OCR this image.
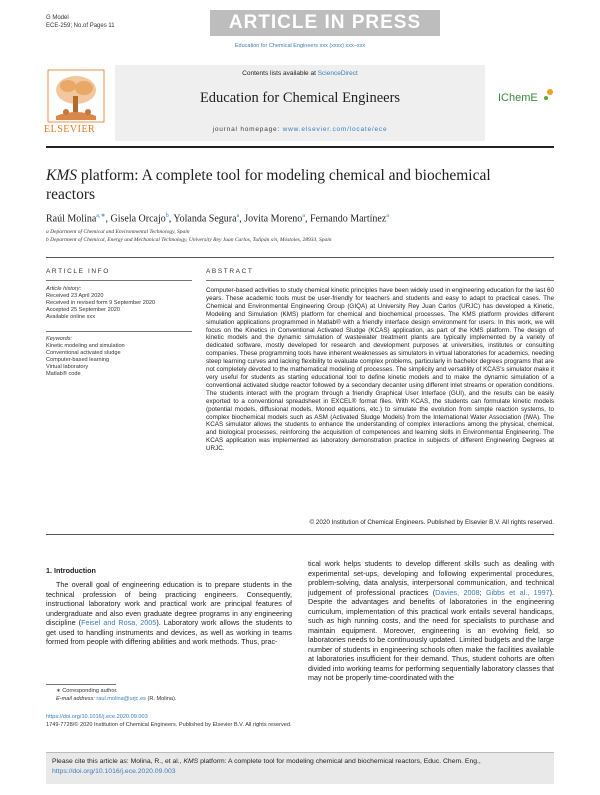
G Model
ECE-259; No.of Pages 11	ARTICLE IN PRESS
Education for Chemical Engineers xxx (xxxx) xxx–xxx
Contents lists available at ScienceDirect
Education for Chemical Engineers
journal homepage: www.elsevier.com/locate/ece
ELSEVIER
IChemE
KMS platform: A complete tool for modeling chemical and biochemical reactors
Raúl Molina$^{a,∗}$, Gisela Orcajo$^b$, Yolanda Segura$^a$, Jovita Moreno$^a$, Fernando Martínez$^a$
a Department of Chemical and Environmental Technology, Spain
b Department of Chemical, Energy and Mechanical Technology, University Rey Juan Carlos, Tulipán s/n, Móstoles, 28933, Spain
ARTICLE INFO
Article history:
Received 23 April 2020
Received in revised form 9 September 2020
Accepted 25 September 2020
Available online xxx
Keywords:
Kinetic modeling and simulation
Conventional activated sludge
Computer-based learning
Virtual laboratory
Matlab® code
ABSTRACT
Computer-based activities to study chemical kinetic principles have been widely used in engineering education for the last 60 years. These academic tools must be user-friendly for teachers and students and easy to adapt to practical cases. The Chemical and Environmental Engineering Group (GIQA) at University Rey Juan Carlos (URJC) has developed a Kinetic, Modeling and Simulation (KMS) platform for chemical and biochemical processes. The KMS platform provides different simulation applications programmed in Matlab® with a friendly interface design environment for users. In this work, we will focus on the Kinetics in Conventional Activated Sludge (KCAS) application, as part of the KMS platform. The design of kinetic models and the dynamic simulation of wastewater treatment plants are typically implemented by a variety of dedicated software, mostly developed for research and development purposes at universities, institutes or consulting companies. These programming tools have inherent weaknesses as simulators in virtual laboratories for academics, needing steep learning curves and lacking flexibility to evaluate complex problems, particularly in bachelor degrees programs that are not completely devoted to the mathematical modeling of processes. The simplicity and versatility of KCAS's simulator make it very useful for students as starting educational tool to define kinetic models and to make the dynamic simulation of a conventional activated sludge reactor followed by a secondary decanter using different inlet streams or operation conditions. The students interact with the program through a friendly Graphical User Interface (GUI), and the results can be easily exported to a conventional spreadsheet in EXCEL® format files. With KCAS, the students can formulate kinetic models (potential models, diffusional models, Monod equations, etc.) to simulate the evolution from simple reaction systems, to complex biochemical models such as ASM (Activated Sludge Models) from the International Water Association (IWA). The KCAS simulator allows the students to enhance the understanding of complex interactions among the physical, chemical, and biological processes, reinforcing the acquisition of competences and learning skills in Environmental Engineering. The KCAS application was implemented as laboratory demonstration practice in subjects of different Engineering Degrees at URJC.
© 2020 Institution of Chemical Engineers. Published by Elsevier B.V. All rights reserved.
1. Introduction
The overall goal of engineering education is to prepare students in the technical profession of being practicing engineers. Consequently, instructional laboratory work and practical work are principal features of undergraduate and also even graduate degree programs in any engineering discipline (Feisel and Rosa, 2005). Laboratory work allows the students to get used to handling instruments and devices, as well as working in teams formed from people with differing abilities and work methods. Thus, prac-
tical work helps students to develop different skills such as dealing with experimental set-ups, developing and following experimental procedures, problem-solving, data analysis, interpersonal communication, and technical judgement of professional practices (Davies, 2008; Gibbs et al., 1997). Despite the advantages and benefits of laboratories in the engineering curriculum, implementation of this practical work entails several handicaps, such as high running costs, and the need for specialists to purchase and maintain equipment. Moreover, engineering is an evolving field, so laboratories needs to be continuously updated. Limited budgets and the large number of students in engineering schools often make the facilities available at laboratories insufficient for their demand. Thus, student cohorts are often divided into working teams for performing sequentially laboratory classes that may not be properly time-coordinated with the
∗ Corresponding author.
E-mail address: raul.molina@urjc.es (R. Molina).
https://doi.org/10.1016/j.ece.2020.09.003
1749-7728/© 2020 Institution of Chemical Engineers. Published by Elsevier B.V. All rights reserved.
Please cite this article as: Molina, R., et al., KMS platform: A complete tool for modeling chemical and biochemical reactors, Educ. Chem. Eng., https://doi.org/10.1016/j.ece.2020.09.003
